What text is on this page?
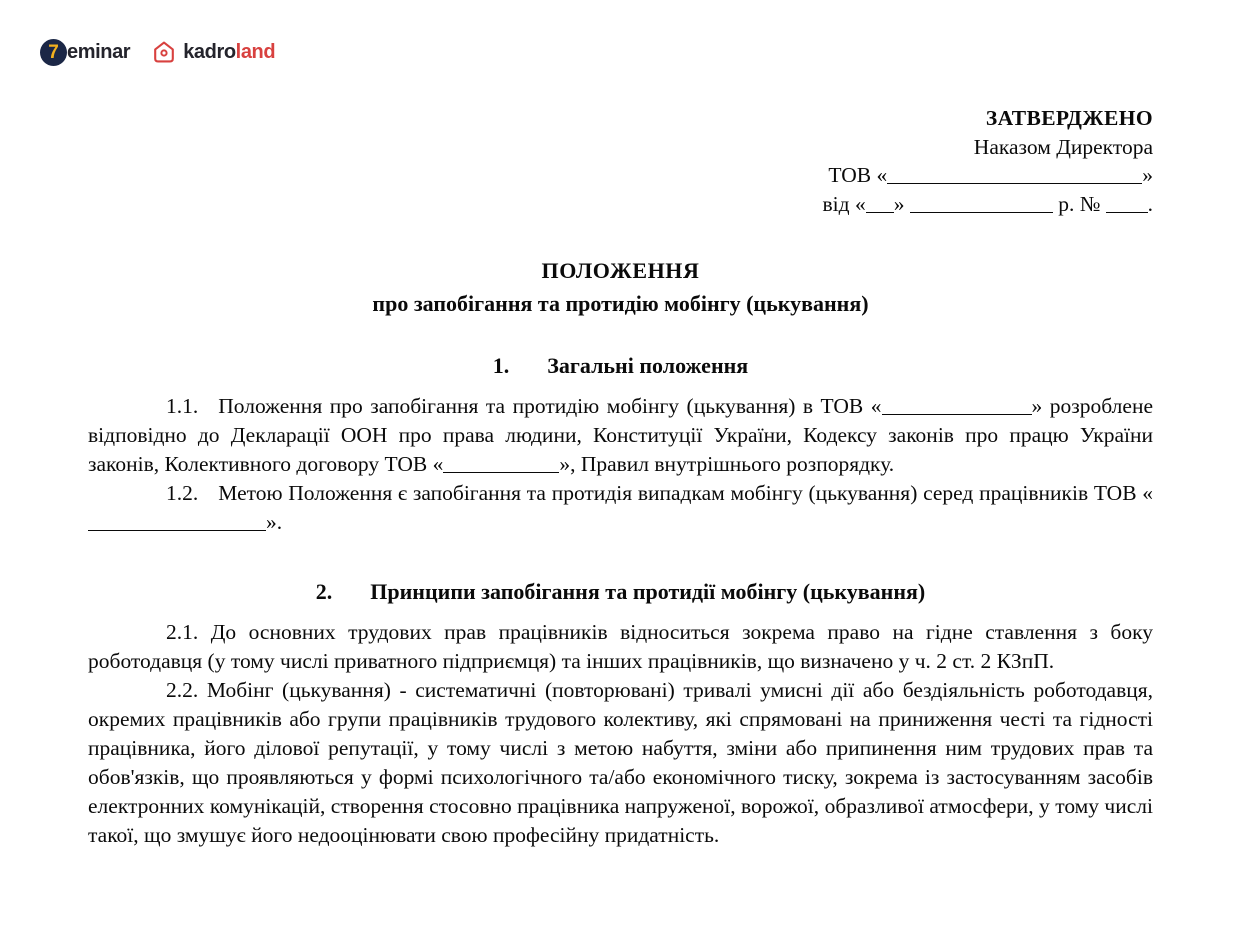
7 eminar	kadroland
ЗАТВЕРДЖЕНО
Наказом Директора
ТОВ «	»
від « »	р. № .
ПОЛОЖЕННЯ
про запобігання та протидію мобінгу (цькування)
1. Загальні положення

1.1. Положення про запобігання та протидію мобінгу (цькування) в ТОВ «	» розроблене відповідно до Декларації ООН про права людини, Конституції України, Кодексу законів про працю України законів, Колективного договору ТОВ «	», Правил внутрішнього розпорядку.

1.2. Метою Положення є запобігання та протидія випадкам мобінгу (цькування) серед працівників ТОВ «».

2. Принципи запобігання та протидії мобінгу (цькування)

2.1. До основних трудових прав працівників відноситься зокрема право на гідне ставлення з боку роботодавця (у тому числі приватного підприємця) та інших працівників, що визначено у ч. 2 ст. 2 КЗпП.

2.2. Мобінг (цькування) - систематичні (повторювані) тривалі умисні дії або бездіяльність роботодавця, окремих працівників або групи працівників трудового колективу, які спрямовані на приниження честі та гідності працівника, його ділової репутації, у тому числі з метою набуття, зміни або припинення ним трудових прав та обов'язків, що проявляються у формі психологічного та/або економічного тиску, зокрема із застосуванням засобів електронних комунікацій, створення стосовно працівника напруженої, ворожої, образливої атмосфери, у тому числі такої, що змушує його недооцінювати свою професійну придатність.
